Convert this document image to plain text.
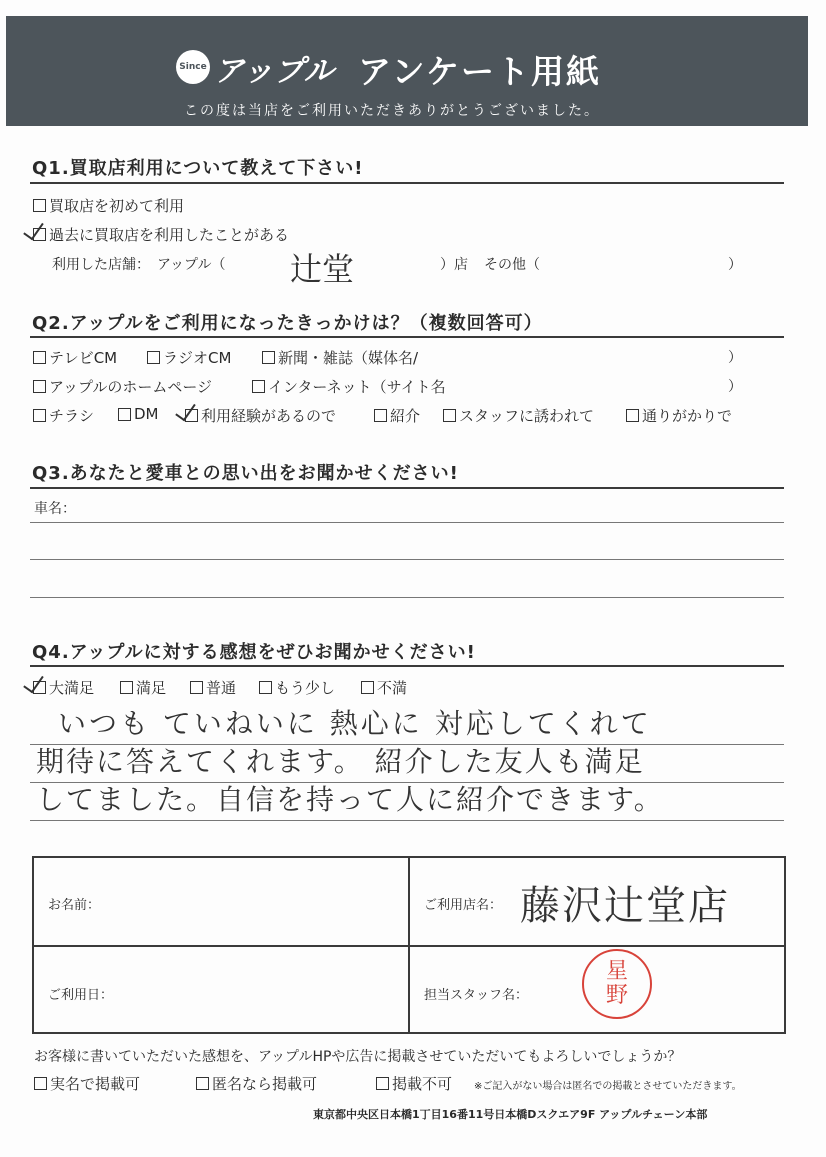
Since アップル アンケート用紙
この度は当店をご利用いただきありがとうございました。
Q1.買取店利用について教えて下さい!
買取店を初めて利用
過去に買取店を利用したことがある
利用した店舗：　アップル（ 辻堂	）店 その他（	）
Q2.アップルをご利用になったきっかけは？（複数回答可）
テレビCM	ラジオCM	新聞・雑誌（媒体名/	）
アップルのホームページ	インターネット（サイト名	）
チラシ	DM	利用経験があるので	紹介	スタッフに誘われて	通りがかりで
Q3.あなたと愛車との思い出をお聞かせください!
車名：
Q4.アップルに対する感想をぜひお聞かせください!
大満足	満足	普通	もう少し	不満
いつも ていねいに 熱心に 対応してくれて
期待に答えてくれます。 紹介した友人も満足
してました。自信を持って人に紹介できます。
お名前：	ご利用店名： 藤沢辻堂店
ご利用日：	担当スタッフ名：
星
野
お客様に書いていただいた感想を、アップルHPや広告に掲載させていただいてもよろしいでしょうか？
実名で掲載可	匿名なら掲載可	掲載不可 ※ご記入がない場合は匿名での掲載とさせていただきます。
東京都中央区日本橋1丁目16番11号日本橋Dスクエア9F アップルチェーン本部
